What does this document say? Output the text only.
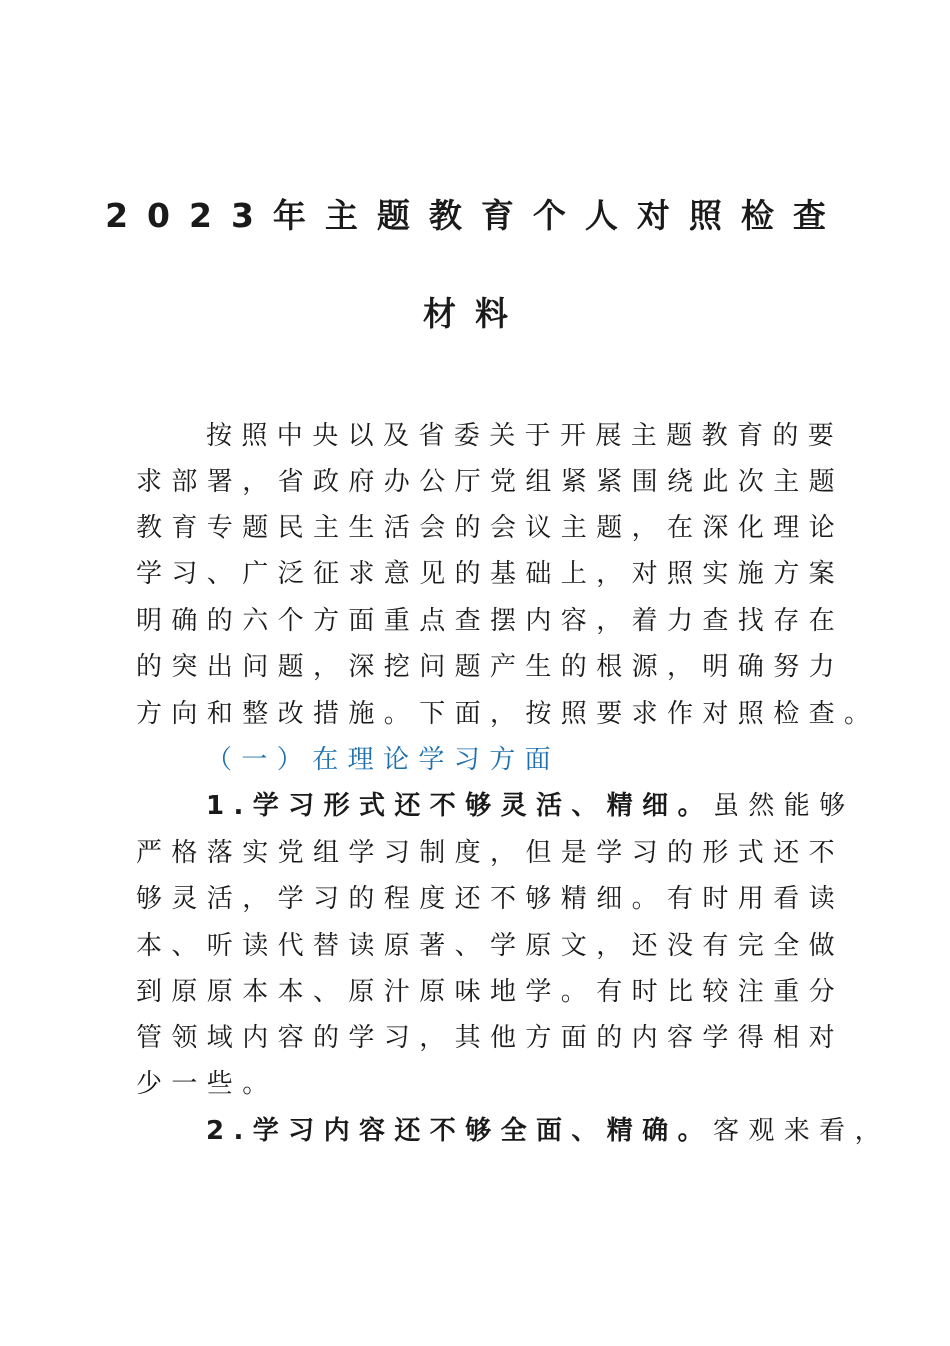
2023年主题教育个人对照检查
材料
按照中央以及省委关于开展主题教育的要
求部署，省政府办公厅党组紧紧围绕此次主题
教育专题民主生活会的会议主题，在深化理论
学习、广泛征求意见的基础上，对照实施方案
明确的六个方面重点查摆内容，着力查找存在
的突出问题，深挖问题产生的根源，明确努力
方向和整改措施。下面，按照要求作对照检查。
（一）在理论学习方面
1.学习形式还不够灵活、精细。虽然能够
严格落实党组学习制度，但是学习的形式还不
够灵活，学习的程度还不够精细。有时用看读
本、听读代替读原著、学原文，还没有完全做
到原原本本、原汁原味地学。有时比较注重分
管领域内容的学习，其他方面的内容学得相对
少一些。
2.学习内容还不够全面、精确。客观来看，
